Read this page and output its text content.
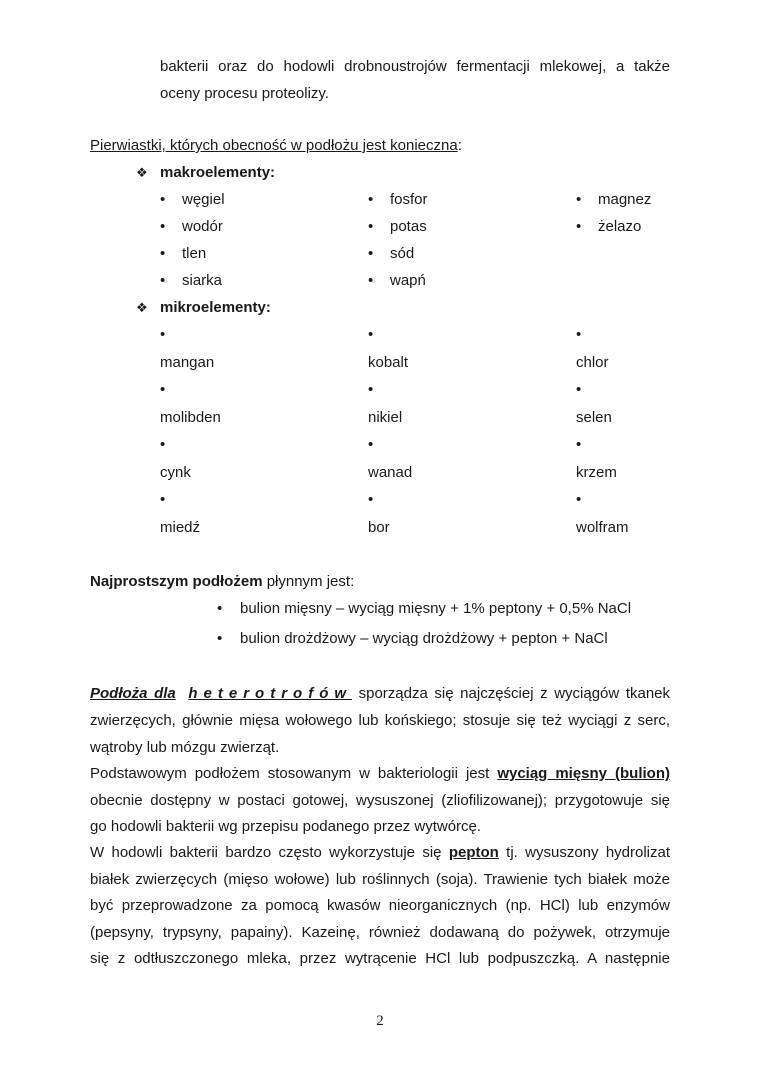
bakterii oraz do hodowli drobnoustrojów fermentacji mlekowej, a także
oceny procesu proteolizy.
Pierwiastki, których obecność w podłożu jest konieczna:
❖ makroelementy:
• węgiel
• wodór
• tlen
• siarka
• fosfor
• potas
• sód
• wapń
• magnez
• żelazo
❖ mikroelementy:
•
mangan
•
molibden
•
cynk
•
miedź
•
kobalt
•
nikiel
•
wanad
•
bor
•
chlor
•
selen
•
krzem
•
wolfram
Najprostszym podłożem płynnym jest:
• bulion mięsny – wyciąg mięsny + 1% peptony + 0,5% NaCl
• bulion drożdżowy – wyciąg drożdżowy + pepton + NaCl
Podłoża dla heterotrofów sporządza się najczęściej z wyciągów tkanek
zwierzęcych, głównie mięsa wołowego lub końskiego; stosuje się też wyciągi z serc,
wątroby lub mózgu zwierząt.
Podstawowym podłożem stosowanym w bakteriologii jest wyciąg mięsny (bulion)
obecnie dostępny w postaci gotowej, wysuszonej (zliofilizowanej); przygotowuje się
go hodowli bakterii wg przepisu podanego przez wytwórcę.
W hodowli bakterii bardzo często wykorzystuje się pepton tj. wysuszony hydrolizat
białek zwierzęcych (mięso wołowe) lub roślinnych (soja). Trawienie tych białek może
być przeprowadzone za pomocą kwasów nieorganicznych (np. HCl) lub enzymów
(pepsyny, trypsyny, papainy). Kazeinę, również dodawaną do pożywek, otrzymuje
się z odtłuszczonego mleka, przez wytrącenie HCl lub podpuszczką. A następnie
2
